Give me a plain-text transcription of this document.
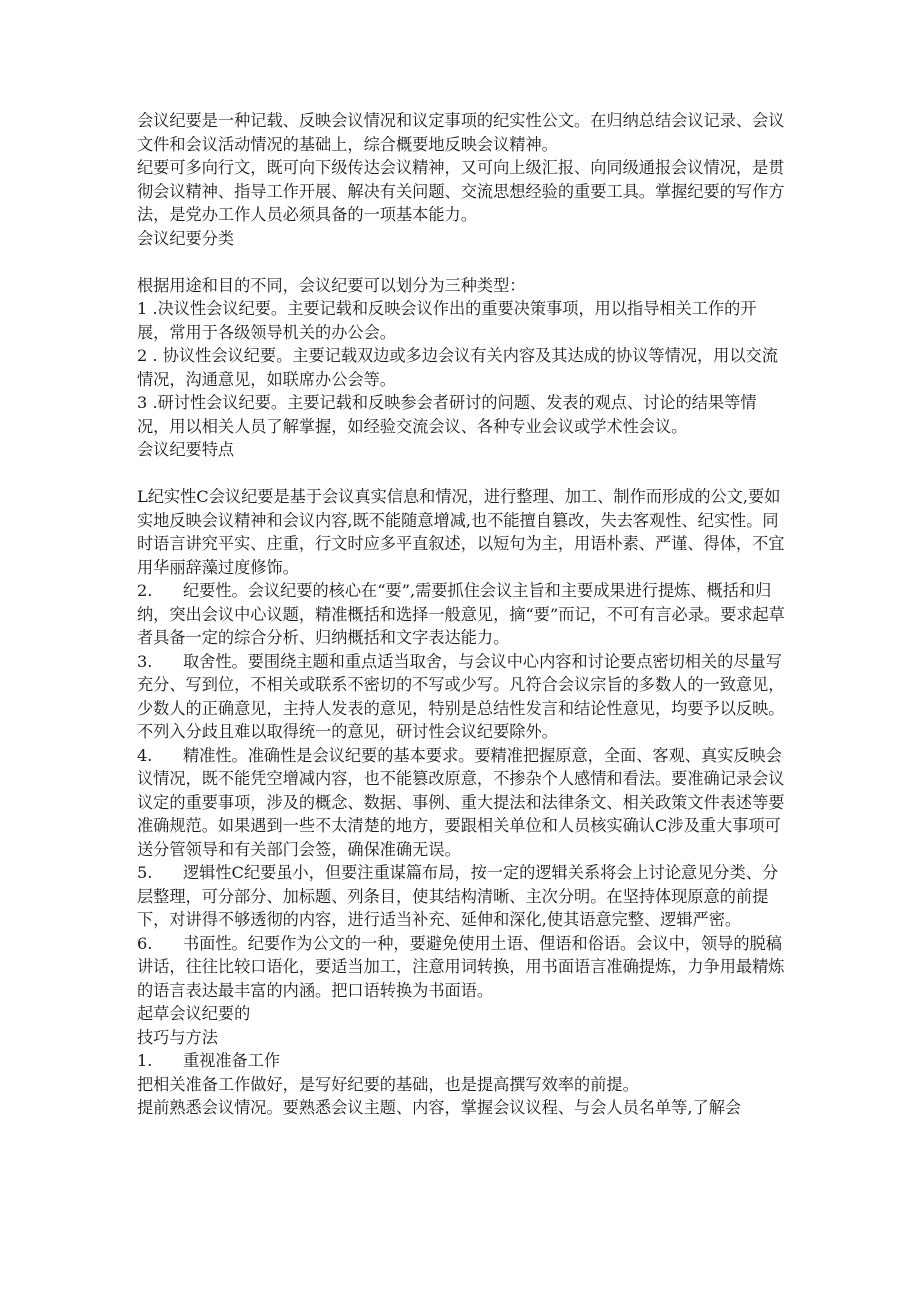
会议纪要是一种记载、反映会议情况和议定事项的纪实性公文。在归纳总结会议记录、会议文件和会议活动情况的基础上，综合概要地反映会议精神。

纪要可多向行文，既可向下级传达会议精神，又可向上级汇报、向同级通报会议情况，是贯彻会议精神、指导工作开展、解决有关问题、交流思想经验的重要工具。掌握纪要的写作方法，是党办工作人员必须具备的一项基本能力。

会议纪要分类

根据用途和目的不同，会议纪要可以划分为三种类型：

1 .决议性会议纪要。主要记载和反映会议作出的重要决策事项，用以指导相关工作的开展，常用于各级领导机关的办公会。

2 . 协议性会议纪要。主要记载双边或多边会议有关内容及其达成的协议等情况，用以交流情况，沟通意见，如联席办公会等。

3 .研讨性会议纪要。主要记载和反映参会者研讨的问题、发表的观点、讨论的结果等情况，用以相关人员了解掌握，如经验交流会议、各种专业会议或学术性会议。

会议纪要特点

L纪实性C会议纪要是基于会议真实信息和情况，进行整理、加工、制作而形成的公文,要如实地反映会议精神和会议内容,既不能随意增减,也不能擅自篡改，失去客观性、纪实性。同时语言讲究平实、庄重，行文时应多平直叙述，以短句为主，用语朴素、严谨、得体，不宜用华丽辞藻过度修饰。

2. 纪要性。会议纪要的核心在“要”,需要抓住会议主旨和主要成果进行提炼、概括和归纳，突出会议中心议题，精准概括和选择一般意见，摘“要”而记，不可有言必录。要求起草者具备一定的综合分析、归纳概括和文字表达能力。

3. 取舍性。要围绕主题和重点适当取舍，与会议中心内容和讨论要点密切相关的尽量写充分、写到位，不相关或联系不密切的不写或少写。凡符合会议宗旨的多数人的一致意见，少数人的正确意见，主持人发表的意见，特别是总结性发言和结论性意见，均要予以反映。不列入分歧且难以取得统一的意见，研讨性会议纪要除外。

4. 精准性。准确性是会议纪要的基本要求。要精准把握原意，全面、客观、真实反映会议情况，既不能凭空增减内容，也不能篡改原意，不掺杂个人感情和看法。要准确记录会议议定的重要事项，涉及的概念、数据、事例、重大提法和法律条文、相关政策文件表述等要准确规范。如果遇到一些不太清楚的地方，要跟相关单位和人员核实确认C涉及重大事项可送分管领导和有关部门会签，确保准确无误。

5. 逻辑性C纪要虽小，但要注重谋篇布局，按一定的逻辑关系将会上讨论意见分类、分层整理，可分部分、加标题、列条目，使其结构清晰、主次分明。在坚持体现原意的前提下，对讲得不够透彻的内容，进行适当补充、延伸和深化,使其语意完整、逻辑严密。

6. 书面性。纪要作为公文的一种，要避免使用土语、俚语和俗语。会议中，领导的脱稿讲话，往往比较口语化，要适当加工，注意用词转换，用书面语言准确提炼，力争用最精炼的语言表达最丰富的内涵。把口语转换为书面语。

起草会议纪要的

技巧与方法

1. 重视准备工作

把相关准备工作做好，是写好纪要的基础，也是提高撰写效率的前提。

提前熟悉会议情况。要熟悉会议主题、内容，掌握会议议程、与会人员名单等,了解会
